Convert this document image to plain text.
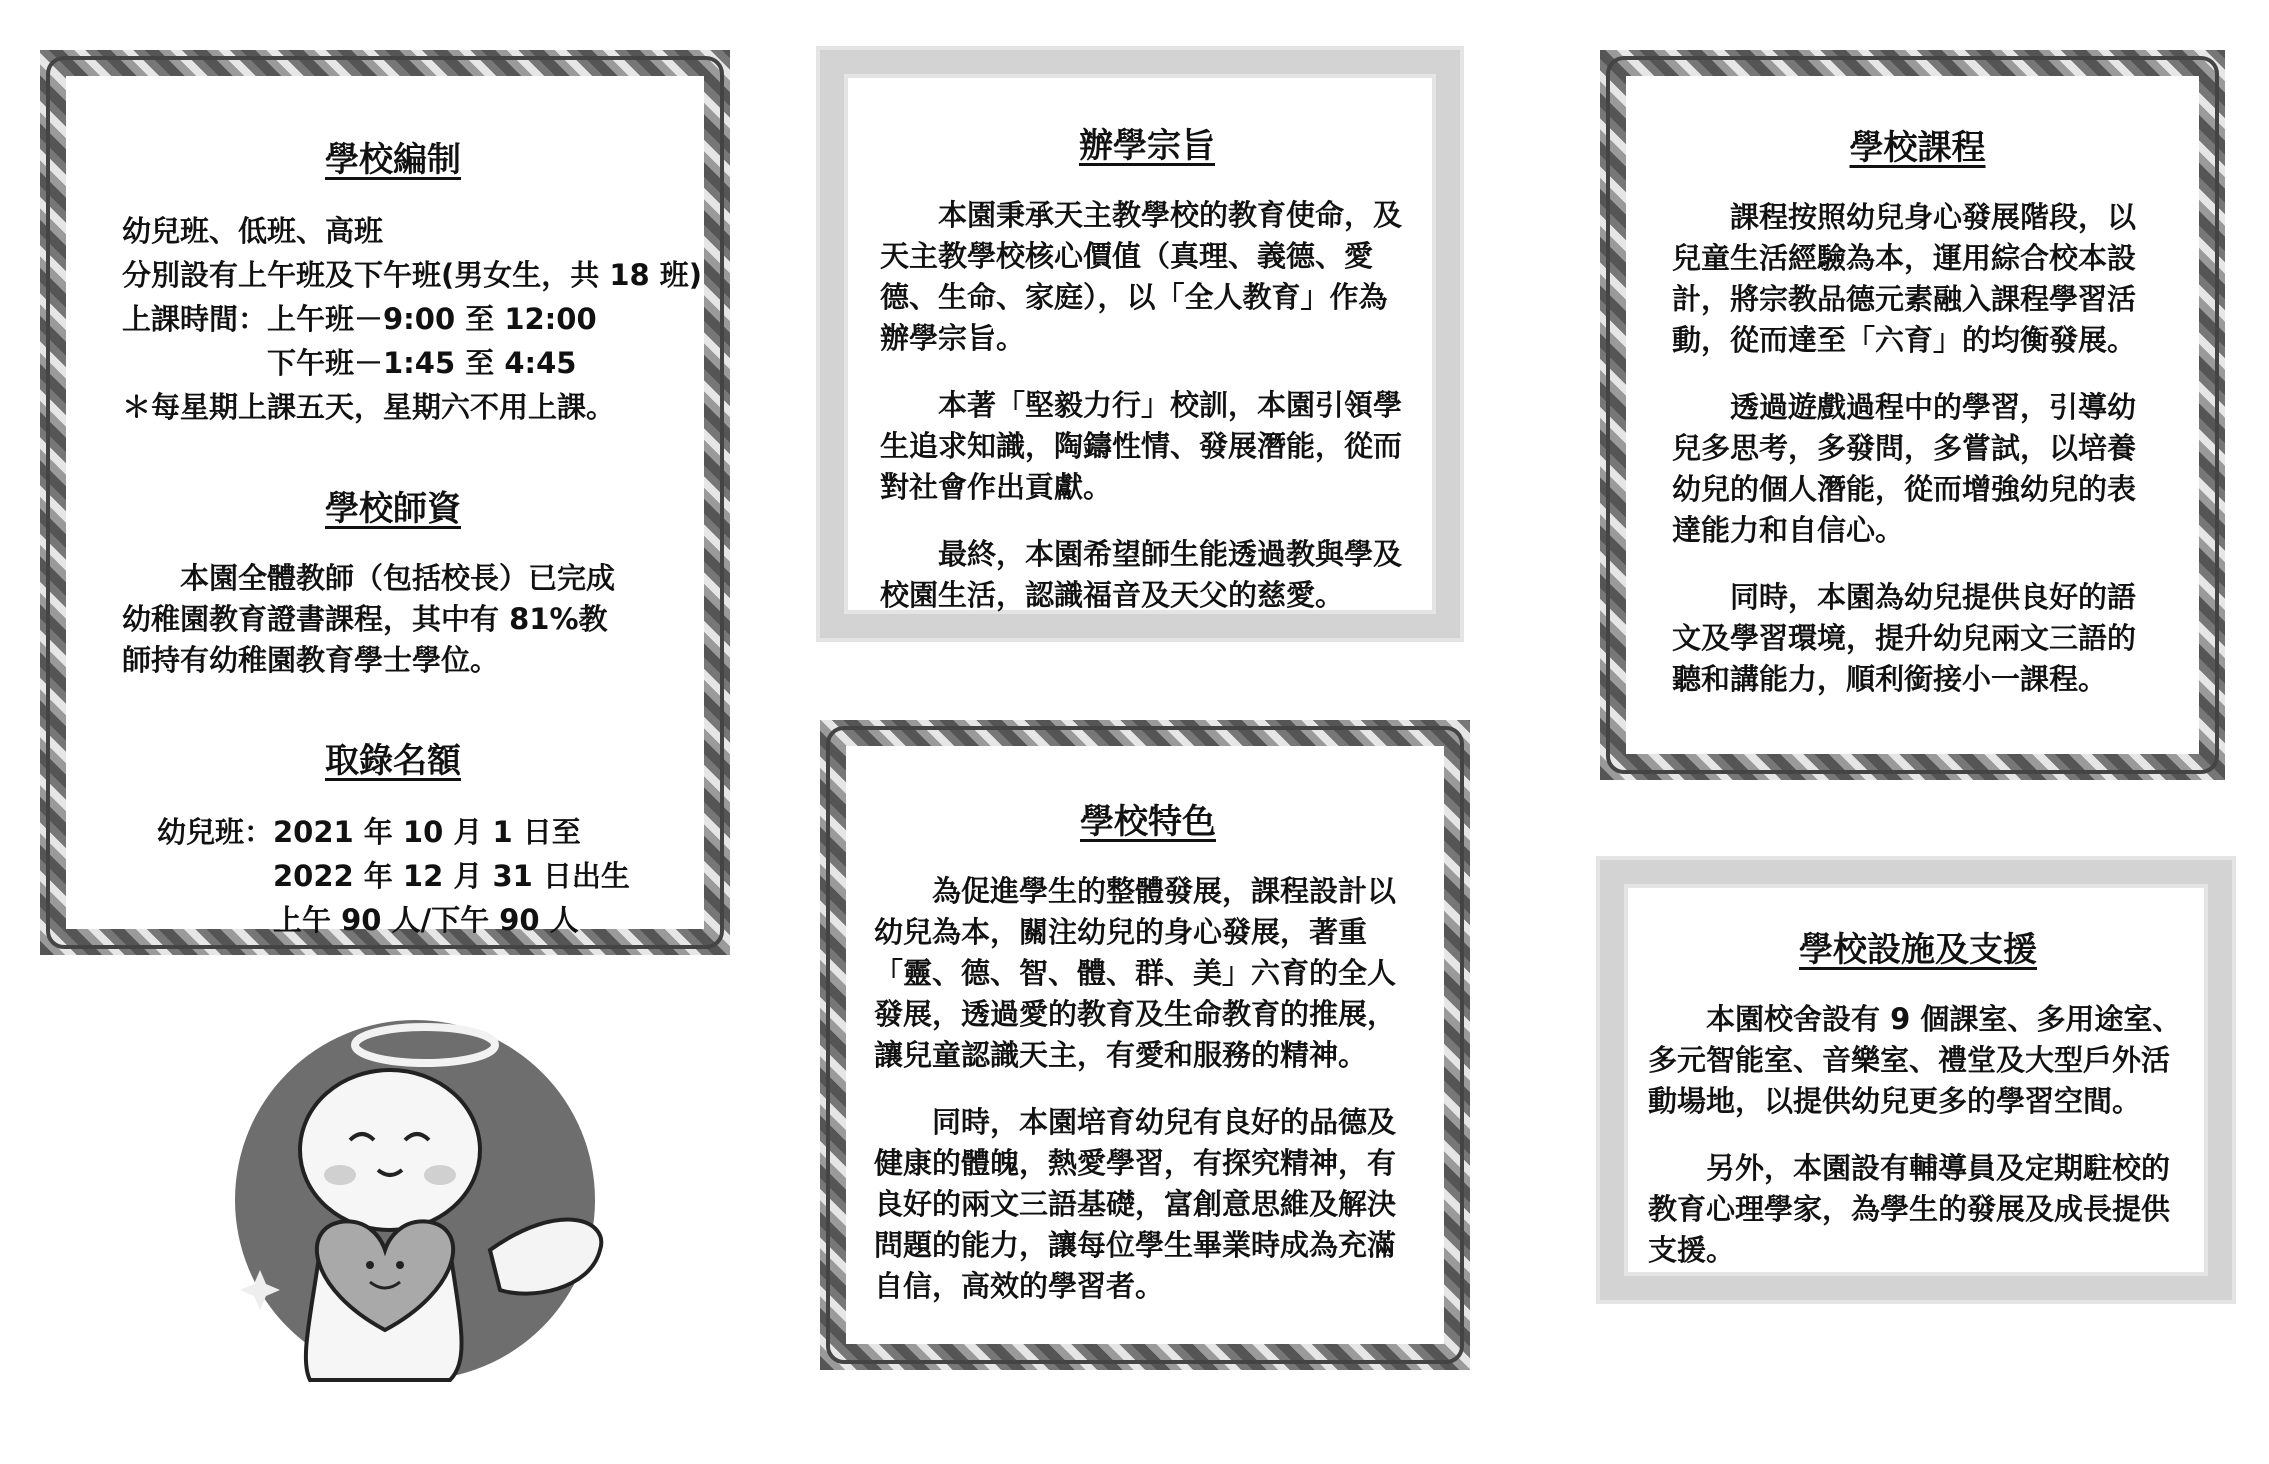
學校編制
幼兒班、低班、高班
分別設有上午班及下午班(男女生，共 18 班)
上課時間：上午班－9:00 至 12:00
　　　　　下午班－1:45 至 4:45
＊每星期上課五天，星期六不用上課。
學校師資

本園全體教師（包括校長）已完成幼稚園教育證書課程，其中有 81%教師持有幼稚園教育學士學位。

取錄名額
幼兒班：2021 年 10 月 1 日至
　　　　2022 年 12 月 31 日出生
　　　　上午 90 人/下午 90 人
辦學宗旨

本園秉承天主教學校的教育使命，及天主教學校核心價值（真理、義德、愛德、生命、家庭），以「全人教育」作為辦學宗旨。

本著「堅毅力行」校訓，本園引領學生追求知識，陶鑄性情、發展潛能，從而對社會作出貢獻。

最終，本園希望師生能透過教與學及校園生活，認識福音及天父的慈愛。

學校特色

為促進學生的整體發展，課程設計以幼兒為本，關注幼兒的身心發展，著重「靈、德、智、體、群、美」六育的全人發展，透過愛的教育及生命教育的推展，讓兒童認識天主，有愛和服務的精神。

同時，本園培育幼兒有良好的品德及健康的體魄，熱愛學習，有探究精神，有良好的兩文三語基礎，富創意思維及解決問題的能力，讓每位學生畢業時成為充滿自信，高效的學習者。

學校課程

課程按照幼兒身心發展階段，以兒童生活經驗為本，運用綜合校本設計，將宗教品德元素融入課程學習活動，從而達至「六育」的均衡發展。

透過遊戲過程中的學習，引導幼兒多思考，多發問，多嘗試，以培養幼兒的個人潛能，從而增強幼兒的表達能力和自信心。

同時，本園為幼兒提供良好的語文及學習環境，提升幼兒兩文三語的聽和講能力，順利銜接小一課程。

學校設施及支援

本園校舍設有 9 個課室、多用途室、多元智能室、音樂室、禮堂及大型戶外活動場地，以提供幼兒更多的學習空間。

另外，本園設有輔導員及定期駐校的教育心理學家，為學生的發展及成長提供支援。
